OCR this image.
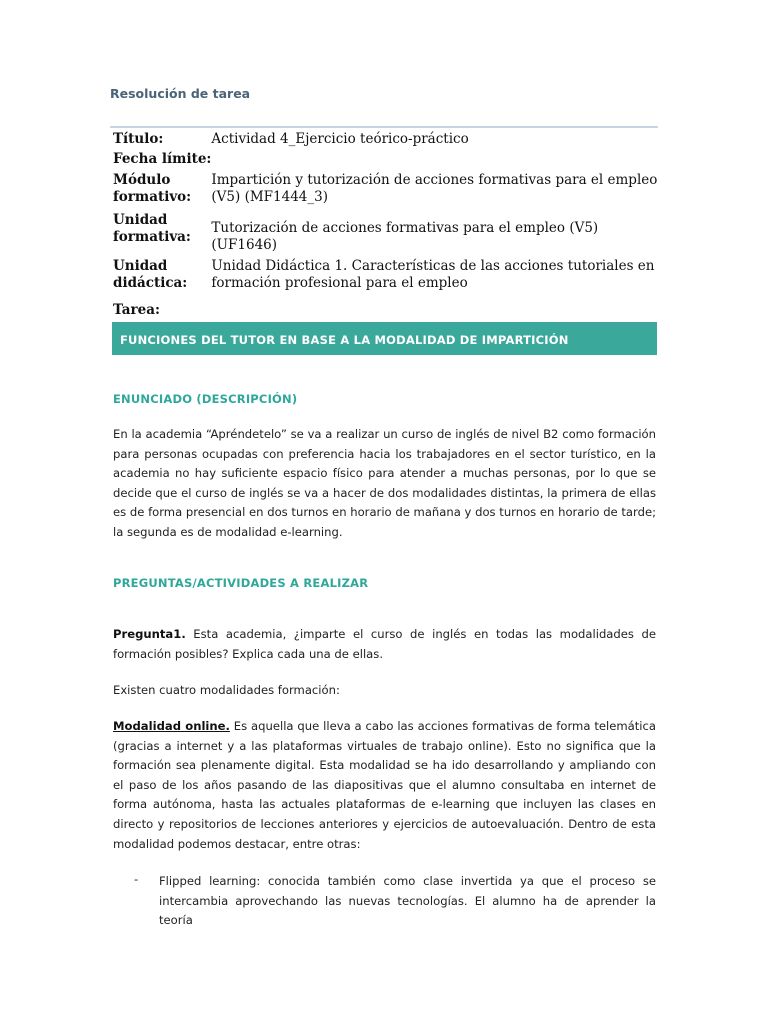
Resolución de tarea
Título:	Actividad 4_Ejercicio teórico-práctico
Fecha límite:	

Módulo
formativo:	Impartición y tutorización de acciones formativas para el empleo (V5) (MF1444_3)

Unidad
formativa:	Tutorización de acciones formativas para el empleo (V5) (UF1646)

Unidad
didáctica:	Unidad Didáctica 1. Características de las acciones tutoriales en formación profesional para el empleo
Tarea:
FUNCIONES DEL TUTOR EN BASE A LA MODALIDAD DE IMPARTICIÓN
ENUNCIADO (DESCRIPCIÓN)

En la academia “Apréndetelo” se va a realizar un curso de inglés de nivel B2 como formación para personas ocupadas con preferencia hacia los trabajadores en el sector turístico, en la academia no hay suficiente espacio físico para atender a muchas personas, por lo que se decide que el curso de inglés se va a hacer de dos modalidades distintas, la primera de ellas es de forma presencial en dos turnos en horario de mañana y dos turnos en horario de tarde; la segunda es de modalidad e-learning.

PREGUNTAS/ACTIVIDADES A REALIZAR

Pregunta1. Esta academia, ¿imparte el curso de inglés en todas las modalidades de formación posibles? Explica cada una de ellas.

Existen cuatro modalidades formación:

Modalidad online. Es aquella que lleva a cabo las acciones formativas de forma telemática (gracias a internet y a las plataformas virtuales de trabajo online). Esto no significa que la formación sea plenamente digital. Esta modalidad se ha ido desarrollando y ampliando con el paso de los años pasando de las diapositivas que el alumno consultaba en internet de forma autónoma, hasta las actuales plataformas de e-learning que incluyen las clases en directo y repositorios de lecciones anteriores y ejercicios de autoevaluación. Dentro de esta modalidad podemos destacar, entre otras:

- Flipped learning: conocida también como clase invertida ya que el proceso se intercambia aprovechando las nuevas tecnologías. El alumno ha de aprender la teoría
